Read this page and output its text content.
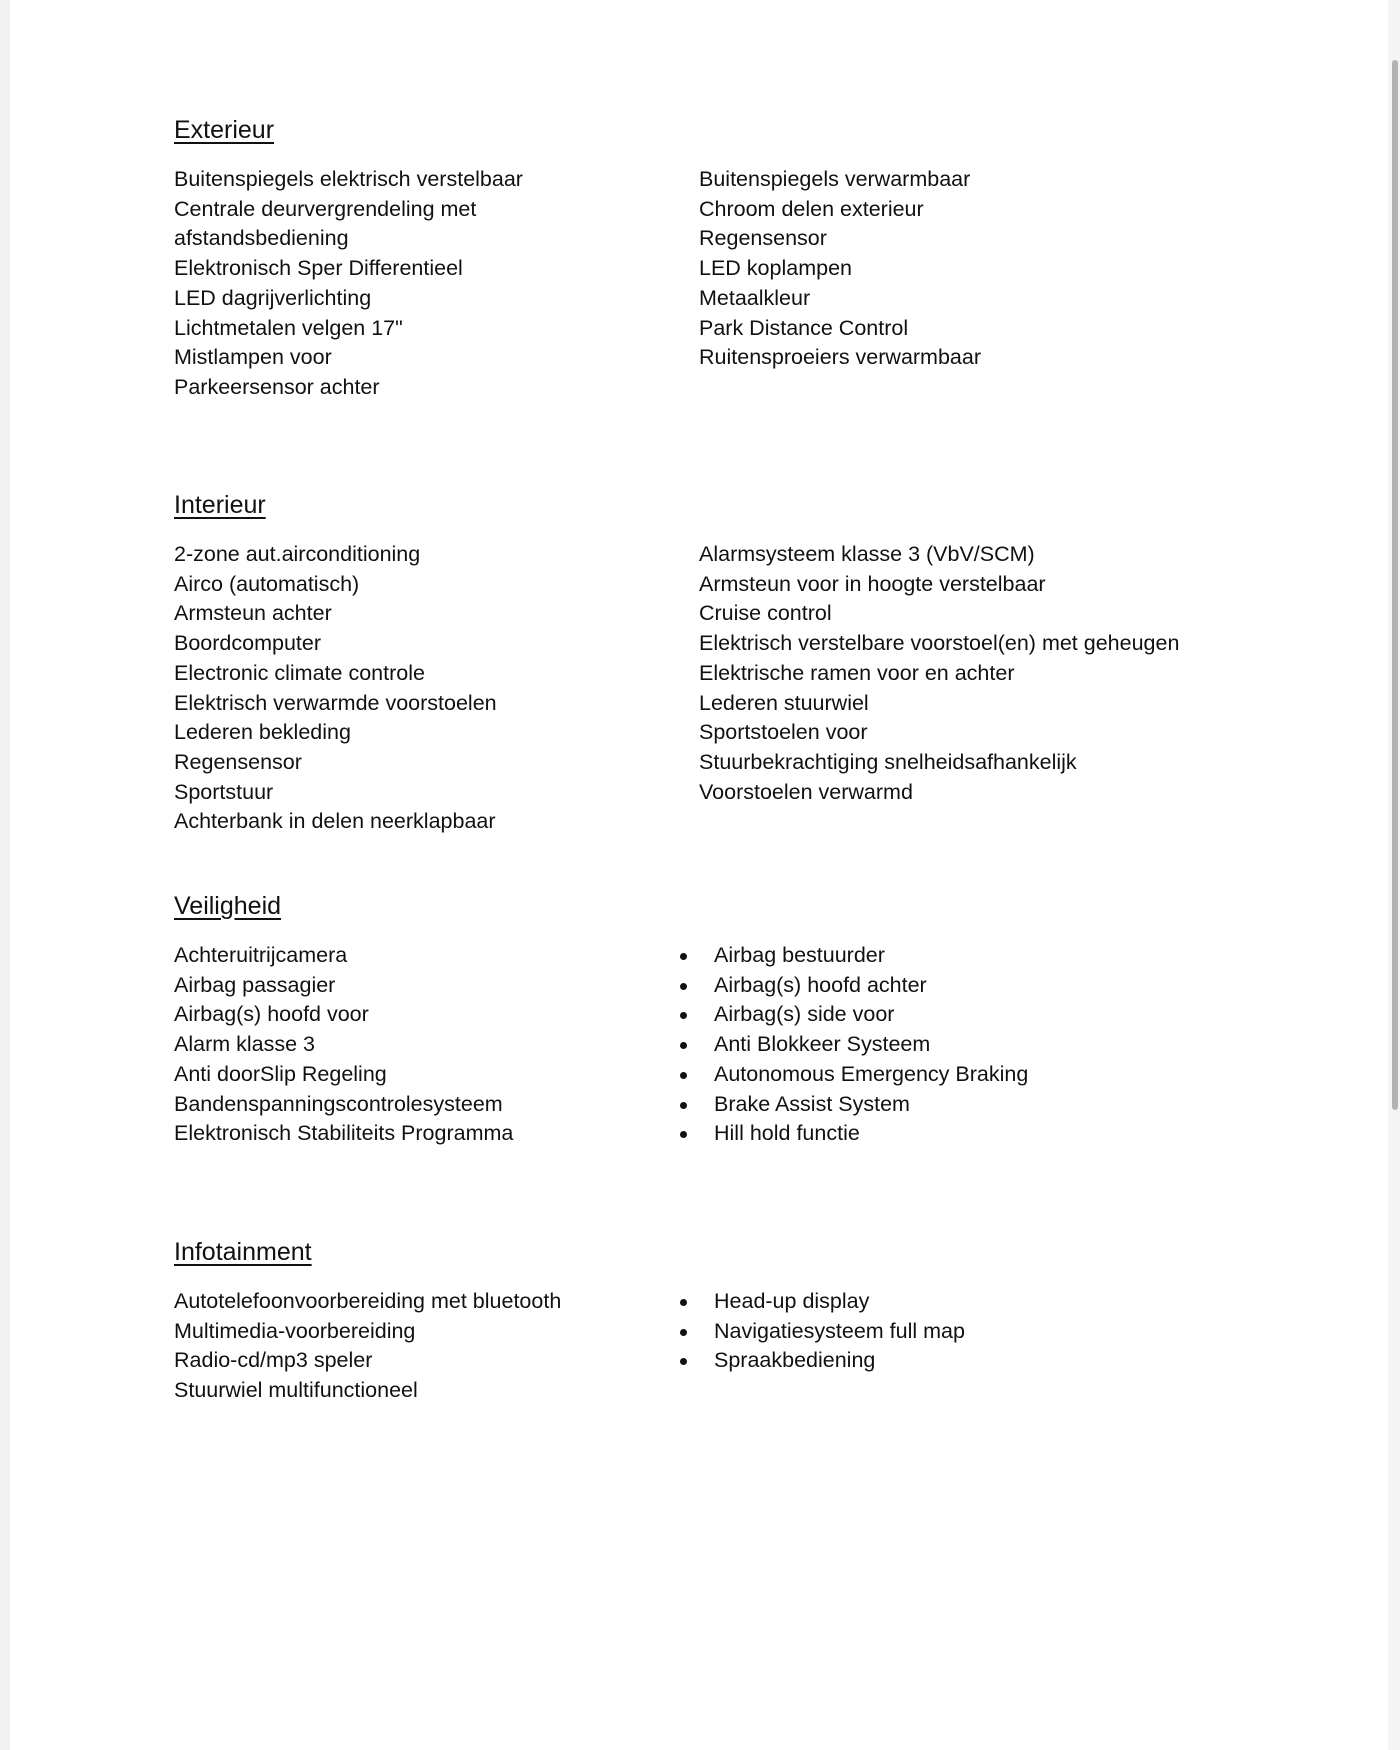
Exterieur
Buitenspiegels elektrisch verstelbaar
Centrale deurvergrendeling met afstandsbediening
Elektronisch Sper Differentieel
LED dagrijverlichting
Lichtmetalen velgen 17"
Mistlampen voor
Parkeersensor achter
Buitenspiegels verwarmbaar
Chroom delen exterieur
Regensensor
LED koplampen
Metaalkleur
Park Distance Control
Ruitensproeiers verwarmbaar
Interieur
2-zone aut.airconditioning
Airco (automatisch)
Armsteun achter
Boordcomputer
Electronic climate controle
Elektrisch verwarmde voorstoelen
Lederen bekleding
Regensensor
Sportstuur
Achterbank in delen neerklapbaar
Alarmsysteem klasse 3 (VbV/SCM)
Armsteun voor in hoogte verstelbaar
Cruise control
Elektrisch verstelbare voorstoel(en) met geheugen
Elektrische ramen voor en achter
Lederen stuurwiel
Sportstoelen voor
Stuurbekrachtiging snelheidsafhankelijk
Voorstoelen verwarmd
Veiligheid
Achteruitrijcamera
Airbag passagier
Airbag(s) hoofd voor
Alarm klasse 3
Anti doorSlip Regeling
Bandenspanningscontrolesysteem
Elektronisch Stabiliteits Programma
Airbag bestuurder
Airbag(s) hoofd achter
Airbag(s) side voor
Anti Blokkeer Systeem
Autonomous Emergency Braking
Brake Assist System
Hill hold functie
Infotainment
Autotelefoonvoorbereiding met bluetooth
Multimedia-voorbereiding
Radio-cd/mp3 speler
Stuurwiel multifunctioneel
Head-up display
Navigatiesysteem full map
Spraakbediening
